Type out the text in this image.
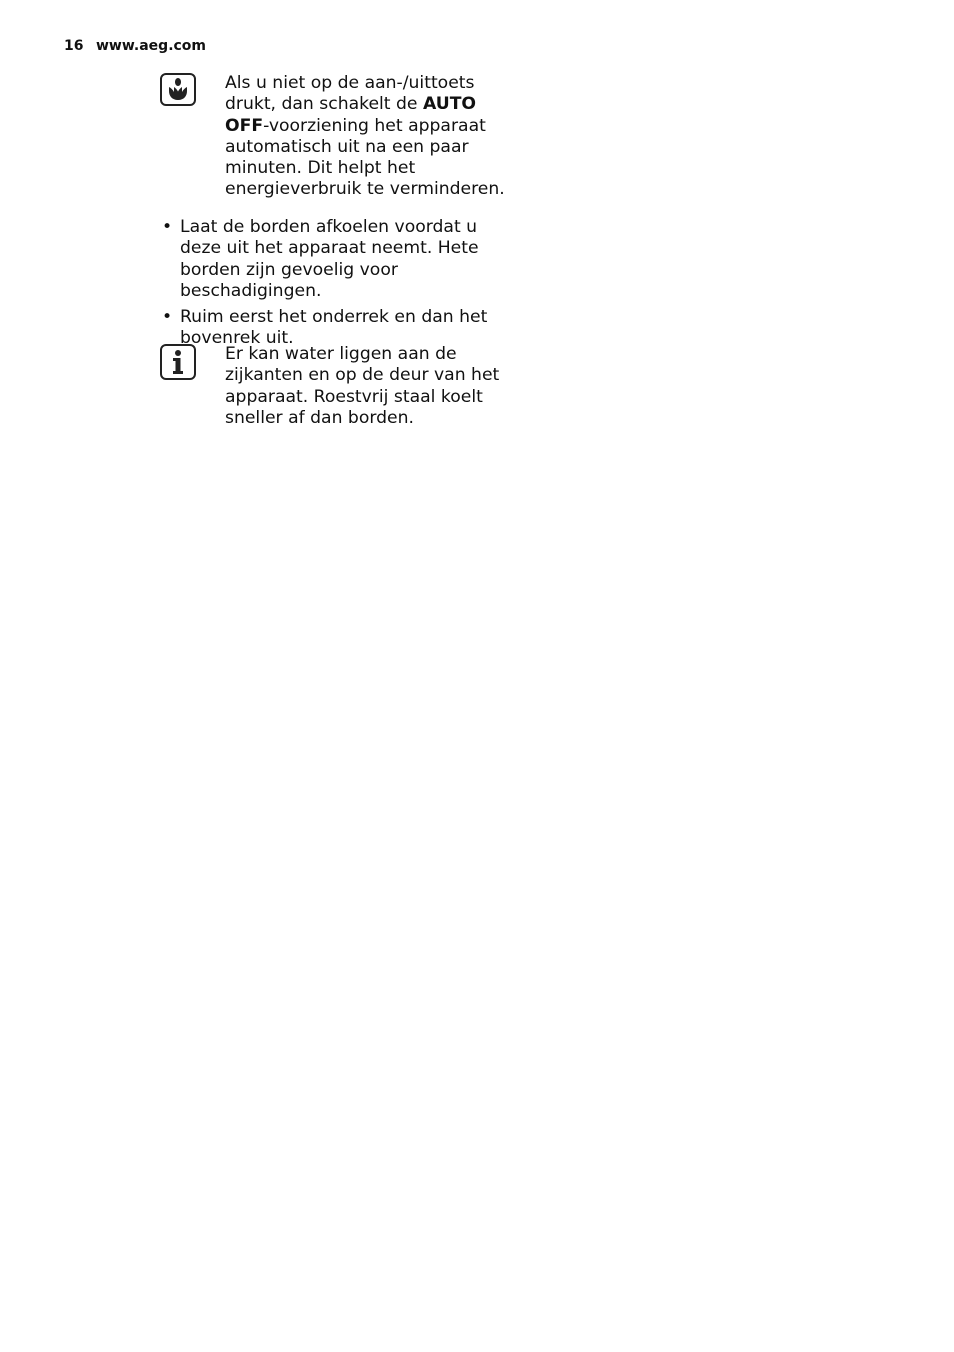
16 www.aeg.com
Als u niet op de aan-/uittoets drukt, dan schakelt de AUTO OFF-voorziening het apparaat automatisch uit na een paar minuten. Dit helpt het energieverbruik te verminderen.
• Laat de borden afkoelen voordat u deze uit het apparaat neemt. Hete borden zijn gevoelig voor beschadigingen.
• Ruim eerst het onderrek en dan het bovenrek uit.
Er kan water liggen aan de zijkanten en op de deur van het apparaat. Roestvrij staal koelt sneller af dan borden.
